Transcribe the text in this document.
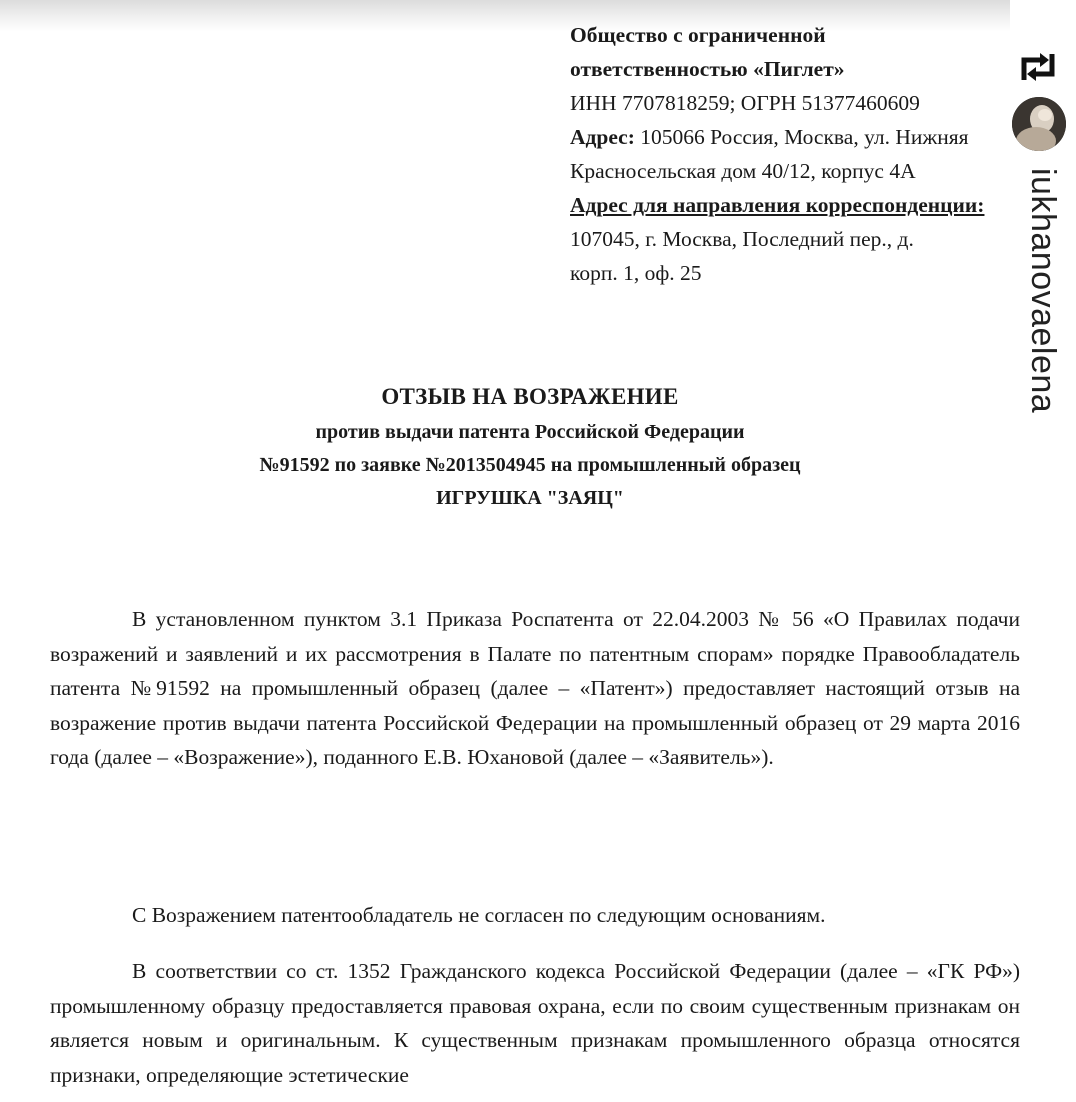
Общество с ограниченной
ответственностью «Пиглет»
ИНН 7707818259; ОГРН 51377460609
Адрес: 105066 Россия, Москва, ул. Нижняя
Красносельская дом 40/12, корпус 4А
Адрес для направления корреспонденции:
107045, г. Москва, Последний пер., д.
корп. 1, оф. 25	iukhanovaelena
ОТЗЫВ НА ВОЗРАЖЕНИЕ
против выдачи патента Российской Федерации
№91592 по заявке №2013504945 на промышленный образец
ИГРУШКА "ЗАЯЦ"
В установленном пунктом 3.1 Приказа Роспатента от 22.04.2003 № 56 «О Правилах подачи возражений и заявлений и их рассмотрения в Палате по патентным спорам» порядке Правообладатель патента №91592 на промышленный образец (далее – «Патент») предоставляет настоящий отзыв на возражение против выдачи патента Российской Федерации на промышленный образец от 29 марта 2016 года (далее – «Возражение»), поданного Е.В. Юхановой (далее – «Заявитель»).
С Возражением патентообладатель не согласен по следующим основаниям.
В соответствии со ст. 1352 Гражданского кодекса Российской Федерации (далее – «ГК РФ») промышленному образцу предоставляется правовая охрана, если по своим существенным признакам он является новым и оригинальным. К существенным признакам промышленного образца относятся признаки, определяющие эстетические
